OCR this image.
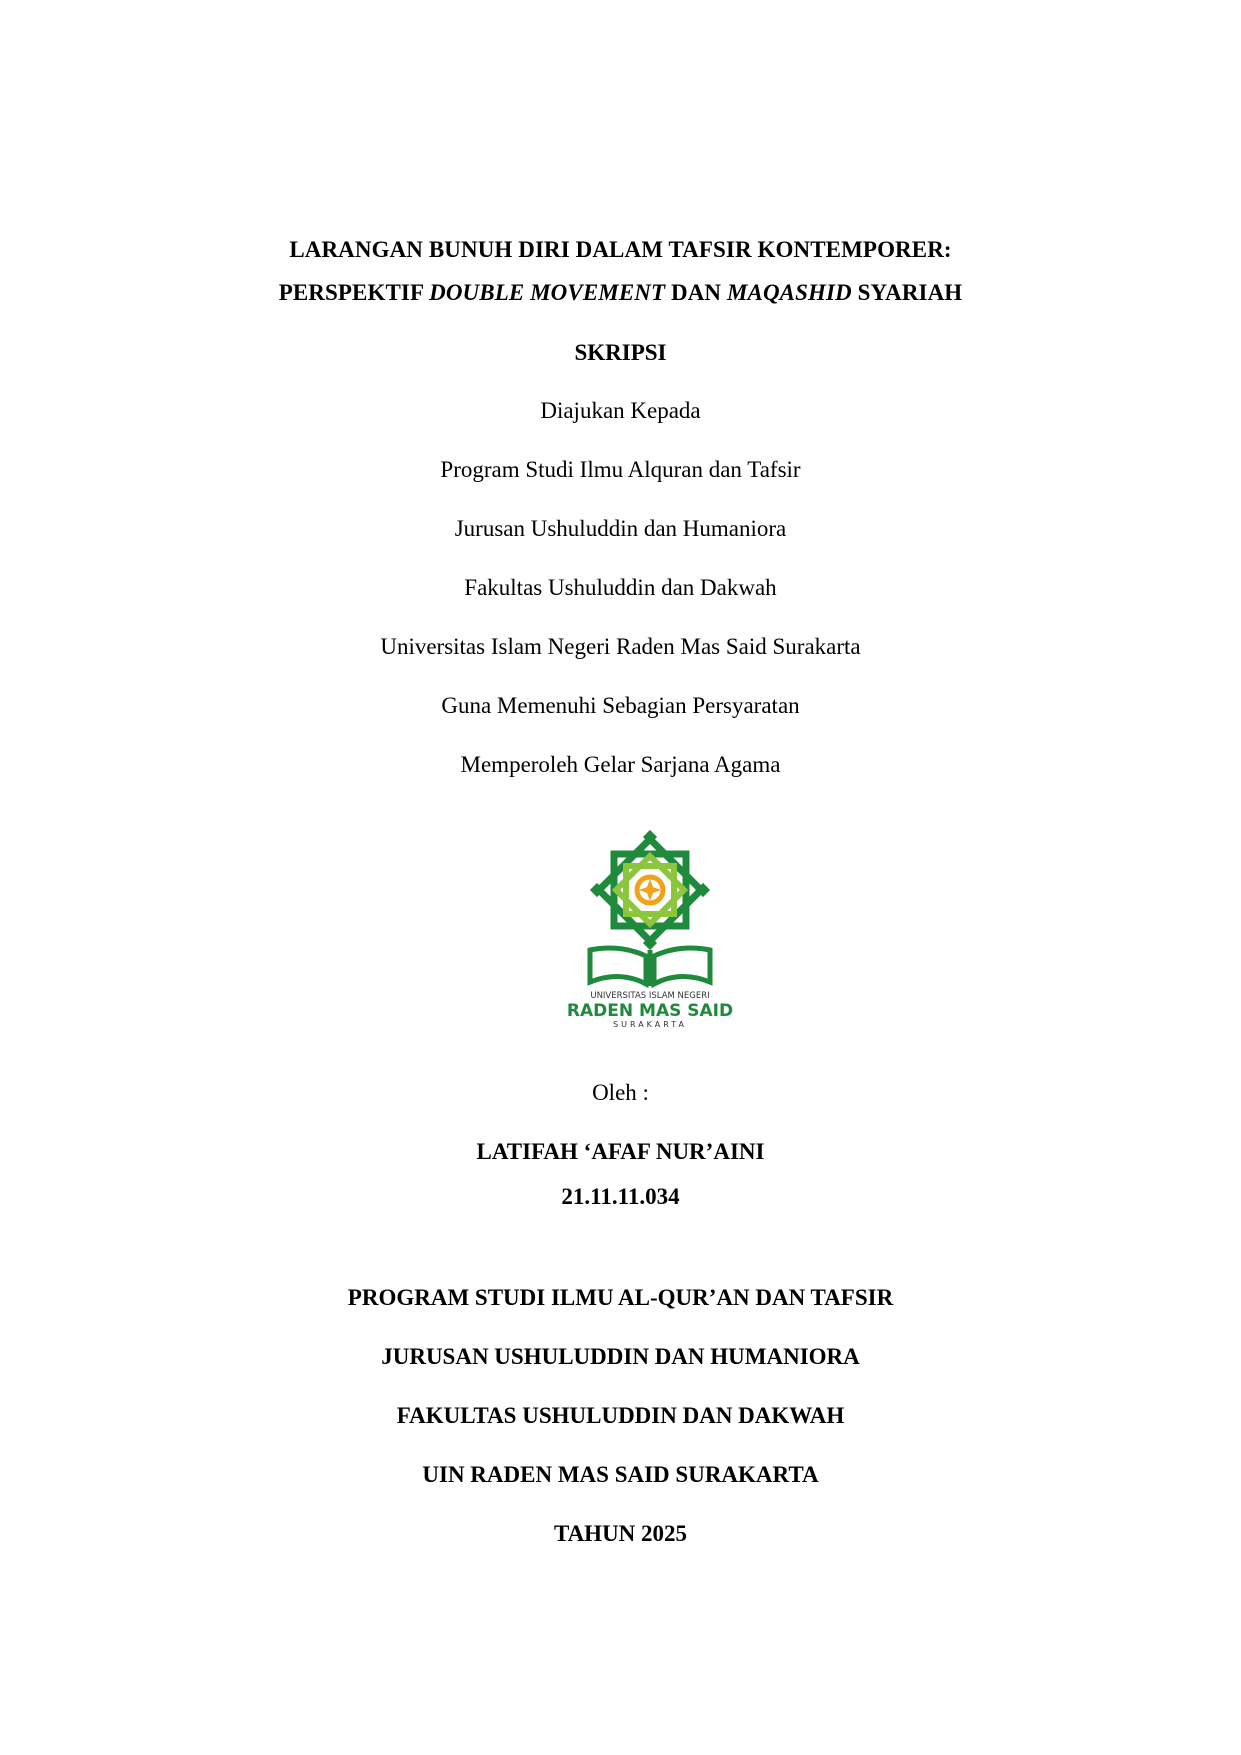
LARANGAN BUNUH DIRI DALAM TAFSIR KONTEMPORER:
PERSPEKTIF DOUBLE MOVEMENT DAN MAQASHID SYARIAH
SKRIPSI
Diajukan Kepada
Program Studi Ilmu Alquran dan Tafsir
Jurusan Ushuluddin dan Humaniora
Fakultas Ushuluddin dan Dakwah
Universitas Islam Negeri Raden Mas Said Surakarta
Guna Memenuhi Sebagian Persyaratan
Memperoleh Gelar Sarjana Agama
UNIVERSITAS ISLAM NEGERI
RADEN MAS SAID
SURAKARTA
Oleh :
LATIFAH ‘AFAF NUR’AINI
21.11.11.034
PROGRAM STUDI ILMU AL-QUR’AN DAN TAFSIR
JURUSAN USHULUDDIN DAN HUMANIORA
FAKULTAS USHULUDDIN DAN DAKWAH
UIN RADEN MAS SAID SURAKARTA
TAHUN 2025
